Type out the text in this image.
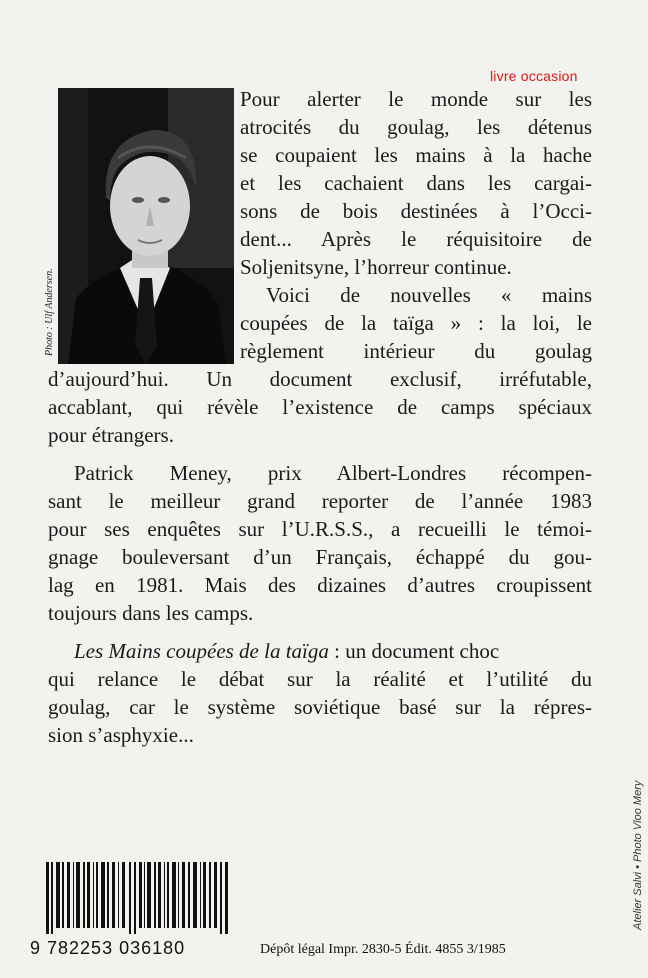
livre occasion
Photo : Ulf Andersen.
Pour alerter le monde sur les
atrocités du goulag, les détenus
se coupaient les mains à la hache
et les cachaient dans les cargai-
sons de bois destinées à l’Occi-
dent... Après le réquisitoire de
Soljenitsyne, l’horreur continue.
Voici de nouvelles « mains
coupées de la taïga » : la loi, le
règlement intérieur du goulag
d’aujourd’hui. Un document exclusif, irréfutable,
accablant, qui révèle l’existence de camps spéciaux
pour étrangers.
Patrick Meney, prix Albert-Londres récompen-
sant le meilleur grand reporter de l’année 1983
pour ses enquêtes sur l’U.R.S.S., a recueilli le témoi-
gnage bouleversant d’un Français, échappé du gou-
lag en 1981. Mais des dizaines d’autres croupissent
toujours dans les camps.
Les Mains coupées de la taïga : un document choc
qui relance le débat sur la réalité et l’utilité du
goulag, car le système soviétique basé sur la répres-
sion s’asphyxie...
Atelier Salvi • Photo Vloo Mery
9 782253 036180	Dépôt légal Impr. 2830-5 Édit. 4855 3/1985
